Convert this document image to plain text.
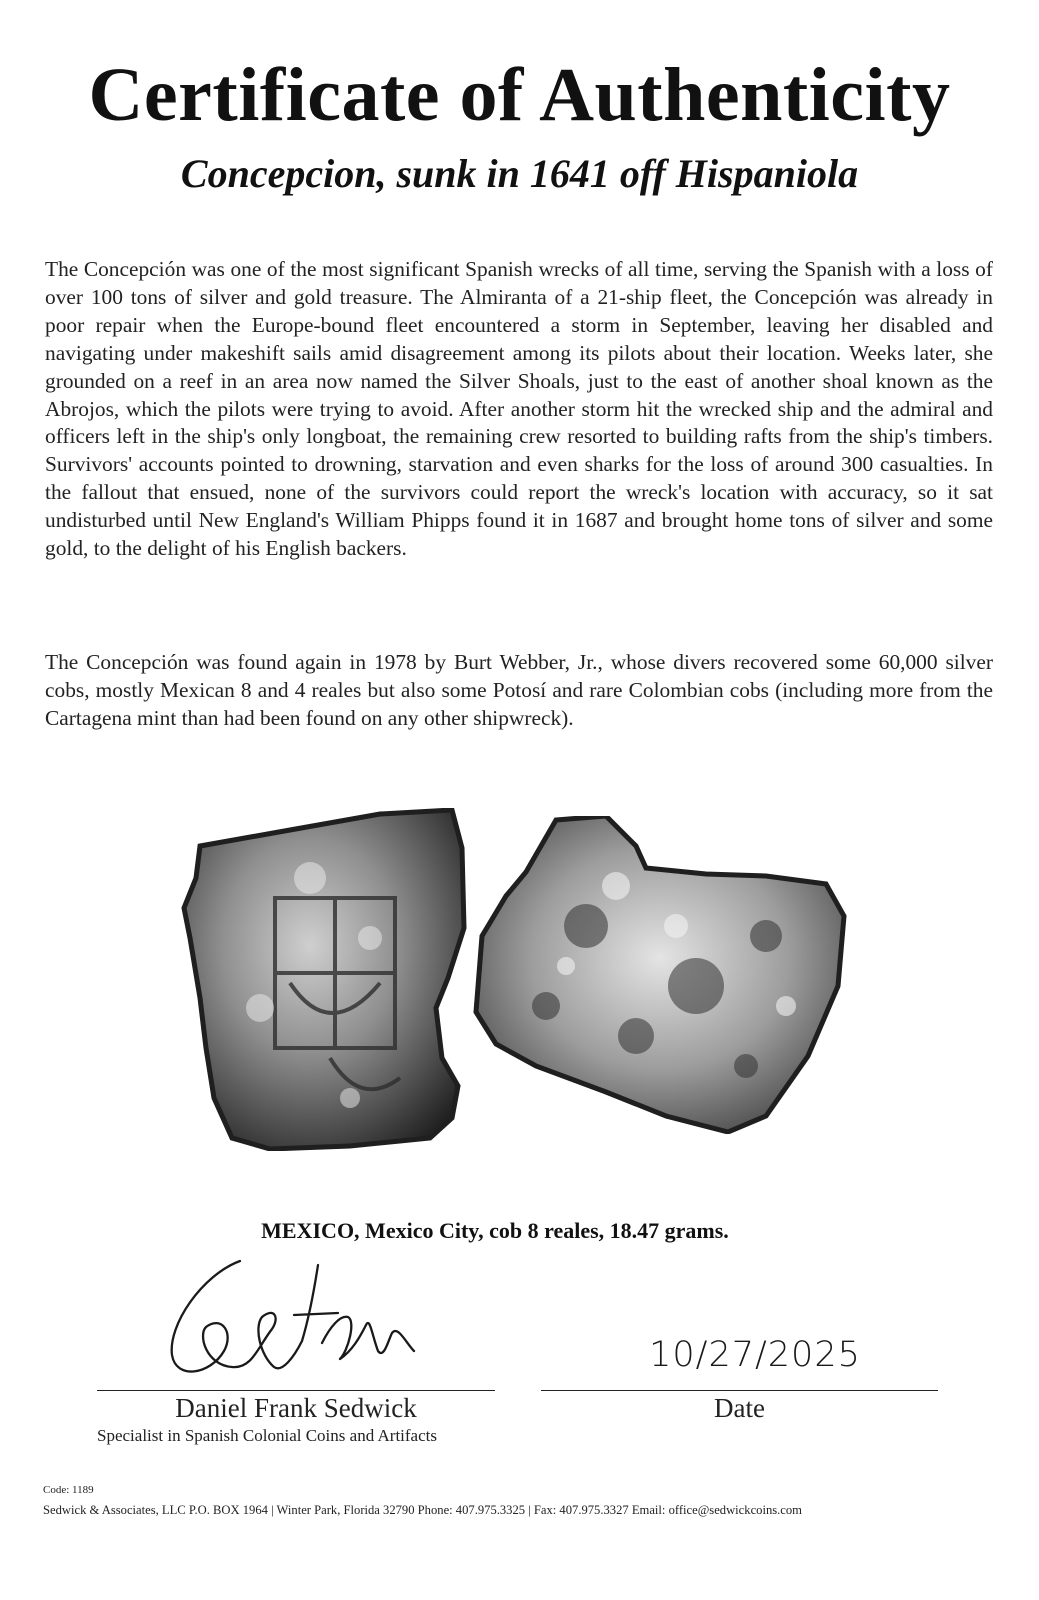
Certificate of Authenticity
Concepcion, sunk in 1641 off Hispaniola

The Concepción was one of the most significant Spanish wrecks of all time, serving the Spanish with a loss of over 100 tons of silver and gold treasure. The Almiranta of a 21-ship fleet, the Concepción was already in poor repair when the Europe-bound fleet encountered a storm in September, leaving her disabled and navigating under makeshift sails amid disagreement among its pilots about their location. Weeks later, she grounded on a reef in an area now named the Silver Shoals, just to the east of another shoal known as the Abrojos, which the pilots were trying to avoid. After another storm hit the wrecked ship and the admiral and officers left in the ship's only longboat, the remaining crew resorted to building rafts from the ship's timbers. Survivors' accounts pointed to drowning, starvation and even sharks for the loss of around 300 casualties. In the fallout that ensued, none of the survivors could report the wreck's location with accuracy, so it sat undisturbed until New England's William Phipps found it in 1687 and brought home tons of silver and some gold, to the delight of his English backers.

The Concepción was found again in 1978 by Burt Webber, Jr., whose divers recovered some 60,000 silver cobs, mostly Mexican 8 and 4 reales but also some Potosí and rare Colombian cobs (including more from the Cartagena mint than had been found on any other shipwreck).

MEXICO, Mexico City, cob 8 reales, 18.47 grams.
10/27/2025
Daniel Frank Sedwick	Date
Specialist in Spanish Colonial Coins and Artifacts
Code: 1189
Sedwick & Associates, LLC P.O. BOX 1964 | Winter Park, Florida 32790 Phone: 407.975.3325 | Fax: 407.975.3327 Email: office@sedwickcoins.com
